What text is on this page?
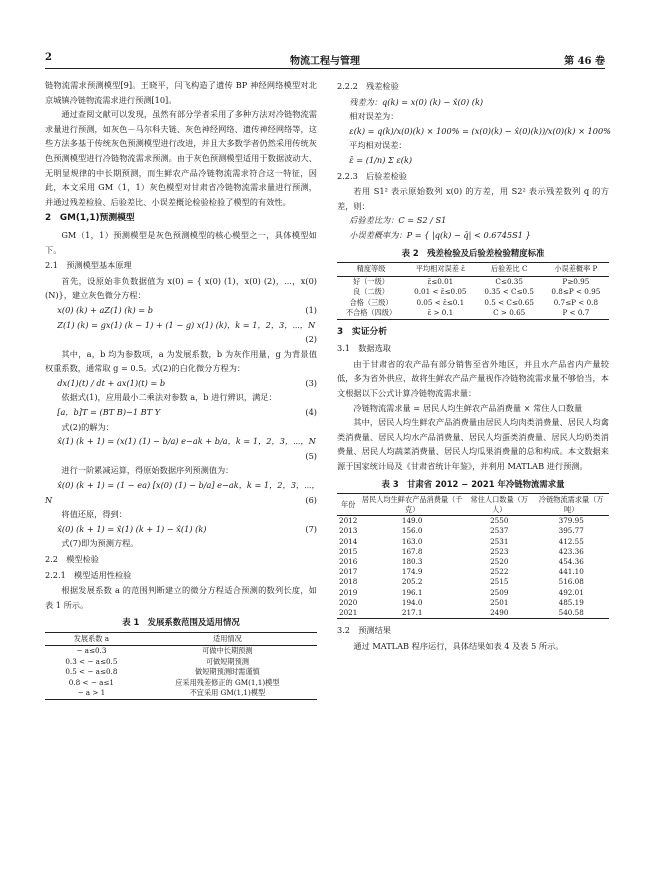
2	物流工程与管理	第 46 卷

链物流需求预测模型[9]。王晓平，闫飞构造了遗传 BP 神经网络模型对北京城镇冷链物流需求进行预测[10]。

通过查阅文献可以发现，虽然有部分学者采用了多种方法对冷链物流需求量进行预测，如灰色－马尔科夫链、灰色神经网络、遗传神经网络等，这些方法多基于传统灰色预测模型进行改进，并且大多数学者仍然采用传统灰色预测模型进行冷链物流需求预测。由于灰色预测模型适用于数据波动大、无明显规律的中长期预测，而生鲜农产品冷链物流需求符合这一特征，因此，本文采用 GM（1，1）灰色模型对甘肃省冷链物流需求量进行预测，并通过残差检验、后验差比、小误差概论检验检验了模型的有效性。

2　GM(1,1)预测模型

GM（1，1）预测模型是灰色预测模型的核心模型之一，具体模型如下。

2.1　预测模型基本原理

首先，设原始非负数据值为 x(0) = { x(0) (1)，x(0) (2)，⋯，x(0) (N)}，建立灰色微分方程：

x(0) (k) + aZ(1) (k) = b	(1)
Z(1) (k) = gx(1) (k − 1) + (1 − g) x(1) (k)，k = 1，2，3，⋯，N
(2)

其中，a，b 均为参数项，a 为发展系数，b 为灰作用量，g 为背景值权重系数，通常取 g = 0.5。式(2)的白化微分方程为：

dx(1)(t) / dt + ax(1)(t) = b	(3)

依据式(1)，应用最小二乘法对参数 a，b 进行辨识，满足：

[a，b]T = (BT B)−1 BT Y	(4)

式(2)的解为：

x̂(1) (k + 1) = (x(1) (1) − b/a) e−ak + b/a，k = 1，2，3，⋯，N
(5)

进行一阶累减运算，得原始数据序列预测值为：

x̂(0) (k + 1) = (1 − ea) [x(0) (1) − b/a] e−ak，k = 1，2，3，⋯，
N	(6)

将值还原，得到：

x̂(0) (k + 1) = x̂(1) (k + 1) − x̂(1) (k)	(7)

式(7)即为预测方程。

2.2　模型检验
2.2.1　模型适用性检验

根据发展系数 a 的范围判断建立的微分方程适合预测的数列长度，如表 1 所示。

表 1　发展系数范围及适用情况
发展系数 a	适用情况
− a≤0.3	可做中长期预测
0.3 < − a≤0.5	可做短期预测
0.5 < − a≤0.8	做短期预测时需谨慎
0.8 < − a≤1	应采用残差修正的 GM(1,1)模型
− a > 1	不宜采用 GM(1,1)模型
2.2.2　残差检验
残差为：q(k) = x(0) (k) − x̂(0) (k)
相对误差为：
ε(k) = q(k)/x(0)(k) × 100% = (x(0)(k) − x̂(0)(k))/x(0)(k) × 100%
平均相对误差：
ε̄ = (1/n) Σ ε(k)
2.2.3　后验差检验

若用 S1² 表示原始数列 x(0) 的方差，用 S2² 表示残差数列 q 的方差，则：

后验差比为：C = S2 / S1
小误差概率为：P = { |q(k) − q̄| < 0.6745S1 }
表 2　残差检验及后验差检验精度标准
精度等级	平均相对误差 ε̄	后验差比 C	小误差概率 P
好（一级）	ε̄≤0.01	C≤0.35	P≥0.95
良（二级）	0.01 < ε̄≤0.05	0.35 < C≤0.5	0.8≤P < 0.95
合格（三级）	0.05 < ε̄≤0.1	0.5 < C≤0.65	0.7≤P < 0.8
不合格（四级）	ε̄ > 0.1	C > 0.65	P < 0.7
3　实证分析
3.1　数据选取

由于甘肃省的农产品有部分销售至省外地区，并且水产品省内产量较低，多为省外供应，故将生鲜农产品产量视作冷链物流需求量不够恰当，本文根据以下公式计算冷链物流需求量：

冷链物流需求量 = 居民人均生鲜农产品消费量 × 常住人口数量

其中，居民人均生鲜农产品消费量由居民人均肉类消费量、居民人均禽类消费量、居民人均水产品消费量、居民人均蛋类消费量、居民人均奶类消费量、居民人均蔬菜消费量、居民人均瓜果消费量的总和构成。本文数据来源于国家统计局及《甘肃省统计年鉴》，并利用 MATLAB 进行预测。

表 3　甘肃省 2012 − 2021 年冷链物流需求量
年份	居民人均生鲜农产品消费量（千克）	常住人口数量（万人）	冷链物流需求量（万吨）
2012	149.0	2550	379.95
2013	156.0	2537	395.77
2014	163.0	2531	412.55
2015	167.8	2523	423.36
2016	180.3	2520	454.36
2017	174.9	2522	441.10
2018	205.2	2515	516.08
2019	196.1	2509	492.01
2020	194.0	2501	485.19
2021	217.1	2490	540.58
3.2　预测结果

通过 MATLAB 程序运行，具体结果如表 4 及表 5 所示。
